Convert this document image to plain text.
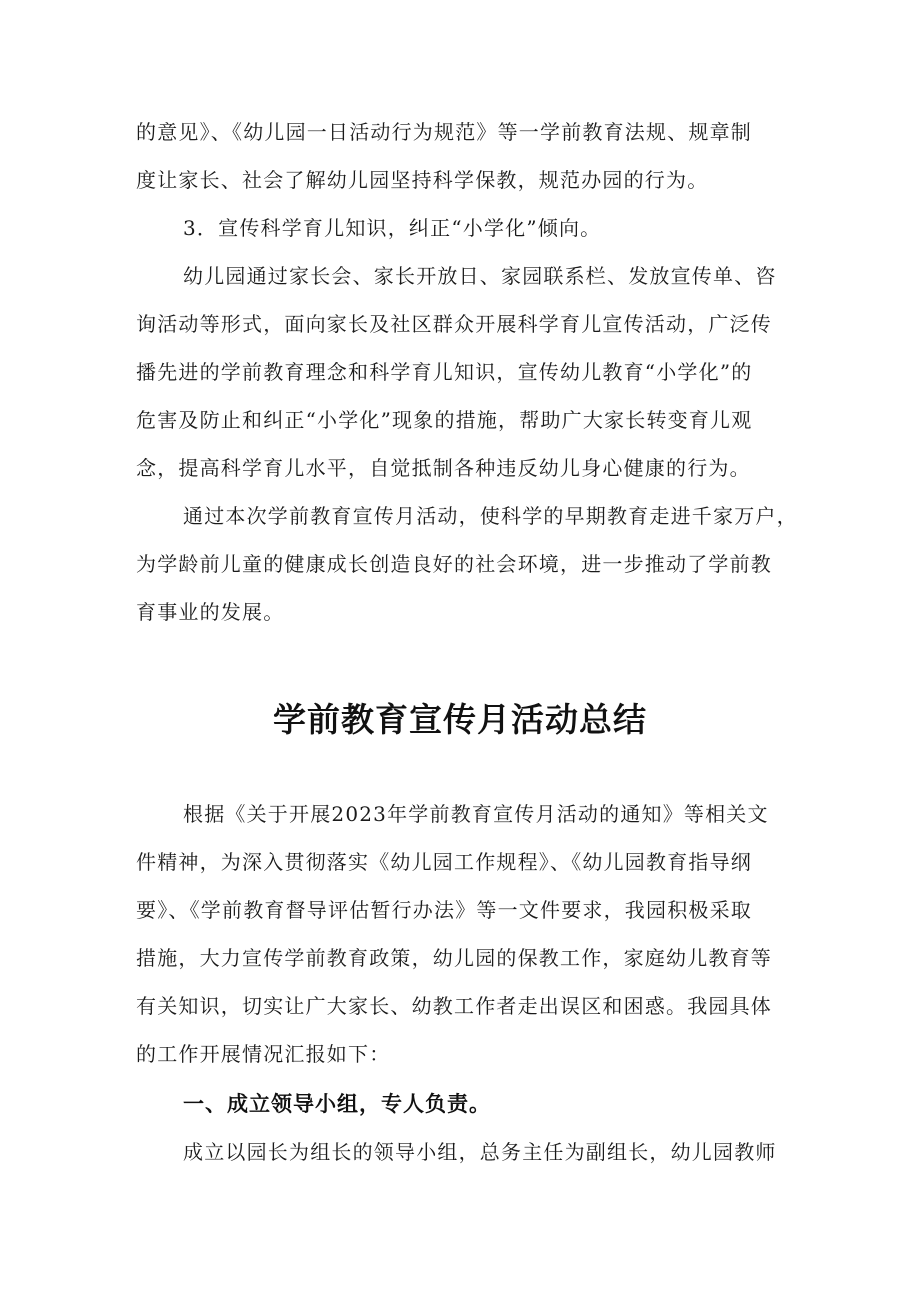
的意见》、《幼儿园一日活动行为规范》等一学前教育法规、规章制
度让家长、社会了解幼儿园坚持科学保教，规范办园的行为。
3．宣传科学育儿知识，纠正“小学化”倾向。
幼儿园通过家长会、家长开放日、家园联系栏、发放宣传单、咨
询活动等形式，面向家长及社区群众开展科学育儿宣传活动，广泛传
播先进的学前教育理念和科学育儿知识，宣传幼儿教育“小学化”的
危害及防止和纠正“小学化”现象的措施，帮助广大家长转变育儿观
念，提高科学育儿水平，自觉抵制各种违反幼儿身心健康的行为。
通过本次学前教育宣传月活动，使科学的早期教育走进千家万户，
为学龄前儿童的健康成长创造良好的社会环境，进一步推动了学前教
育事业的发展。
学前教育宣传月活动总结
根据《关于开展2023年学前教育宣传月活动的通知》等相关文
件精神，为深入贯彻落实《幼儿园工作规程》、《幼儿园教育指导纲
要》、《学前教育督导评估暂行办法》等一文件要求，我园积极采取
措施，大力宣传学前教育政策，幼儿园的保教工作，家庭幼儿教育等
有关知识，切实让广大家长、幼教工作者走出误区和困惑。我园具体
的工作开展情况汇报如下：
一、成立领导小组，专人负责。
成立以园长为组长的领导小组，总务主任为副组长，幼儿园教师
